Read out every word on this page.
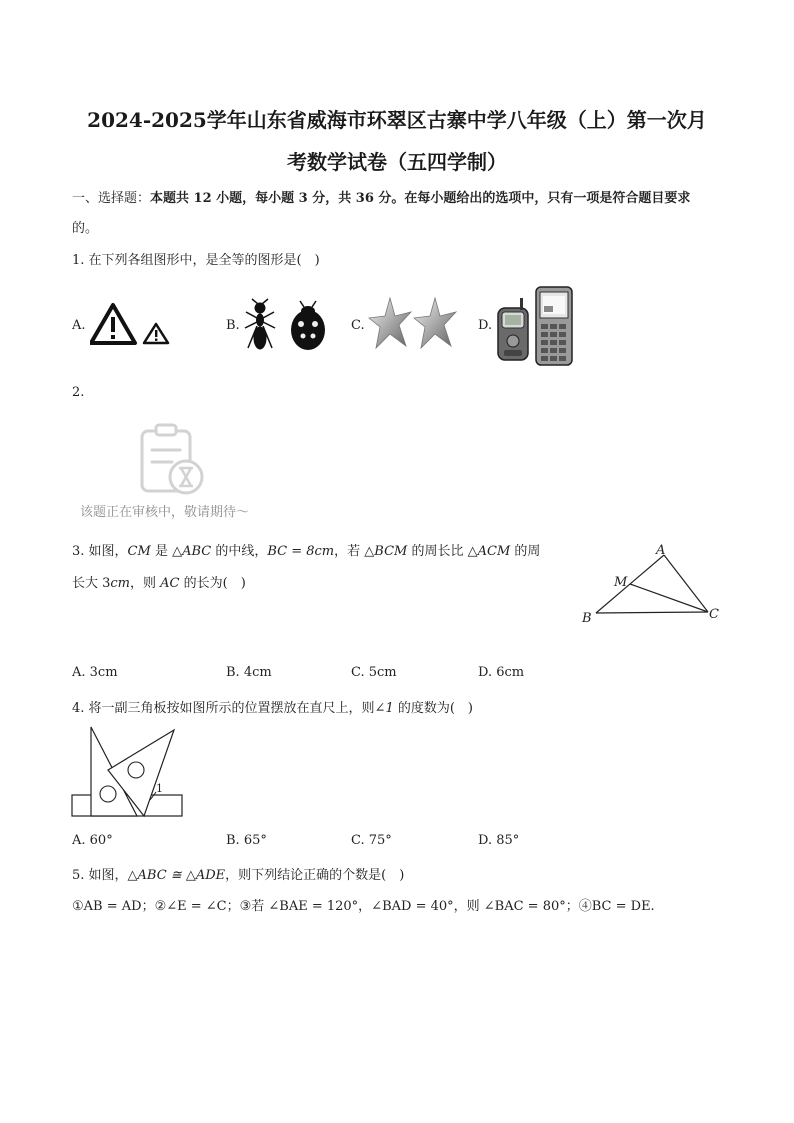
2024-2025学年山东省威海市环翠区古寨中学八年级（上）第一次月
考数学试卷（五四学制）
一、选择题：本题共 12 小题，每小题 3 分，共 36 分。在每小题给出的选项中，只有一项是符合题目要求
的。
1. 在下列各组图形中，是全等的图形是(　)
A.	B.	C.	D.
2.
该题正在审核中，敬请期待～
3. 如图，CM 是 △ABC 的中线，BC = 8cm，若 △BCM 的周长比 △ACM 的周
长大 3cm，则 AC 的长为(　)
A
M
B	C
A. 3cm	B. 4cm	C. 5cm	D. 6cm
4. 将一副三角板按如图所示的位置摆放在直尺上，则∠1 的度数为(　)
1
A. 60°	B. 65°	C. 75°	D. 85°
5. 如图，△ABC ≅ △ADE，则下列结论正确的个数是(　)
①AB = AD；②∠E = ∠C；③若 ∠BAE = 120°，∠BAD = 40°，则 ∠BAC = 80°；④BC = DE.
